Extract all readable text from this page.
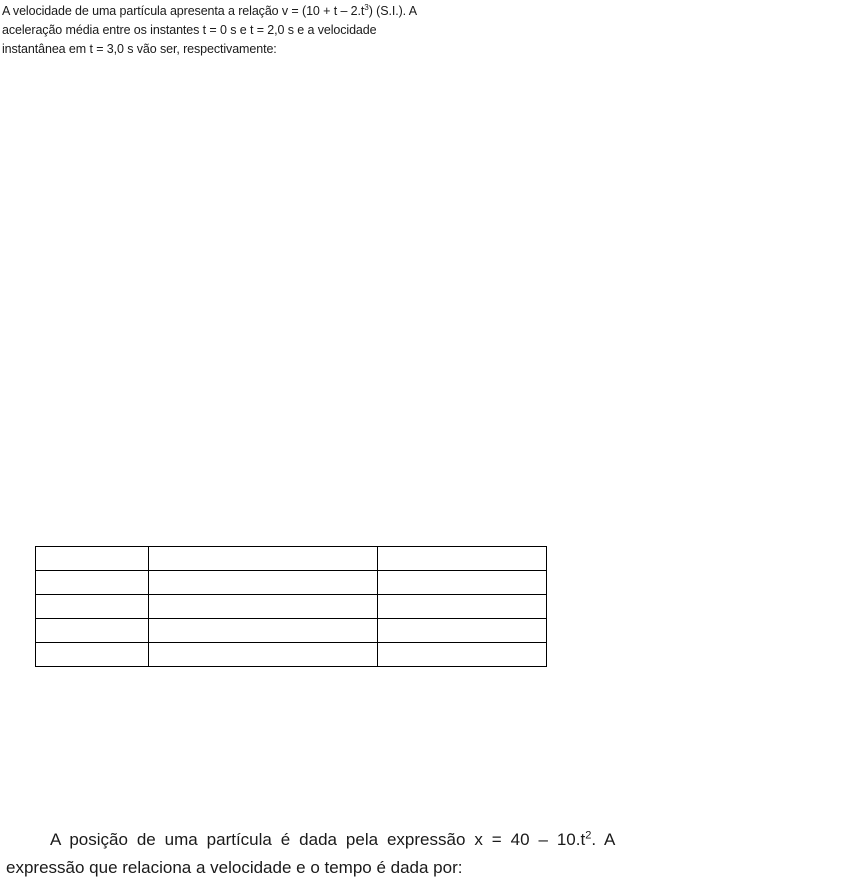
A velocidade de uma partícula apresenta a relação $v = (10 + t - 2.t^3)$ (S.I.). A
aceleração média entre os instantes t = 0 s e t = 2,0 s e a velocidade
instantânea em t = 3,0 s vão ser, respectivamente:

A posição de uma partícula é dada pela expressão $x = 40 - 10.t^2$. A
expressão que relaciona a velocidade e o tempo é dada por:
